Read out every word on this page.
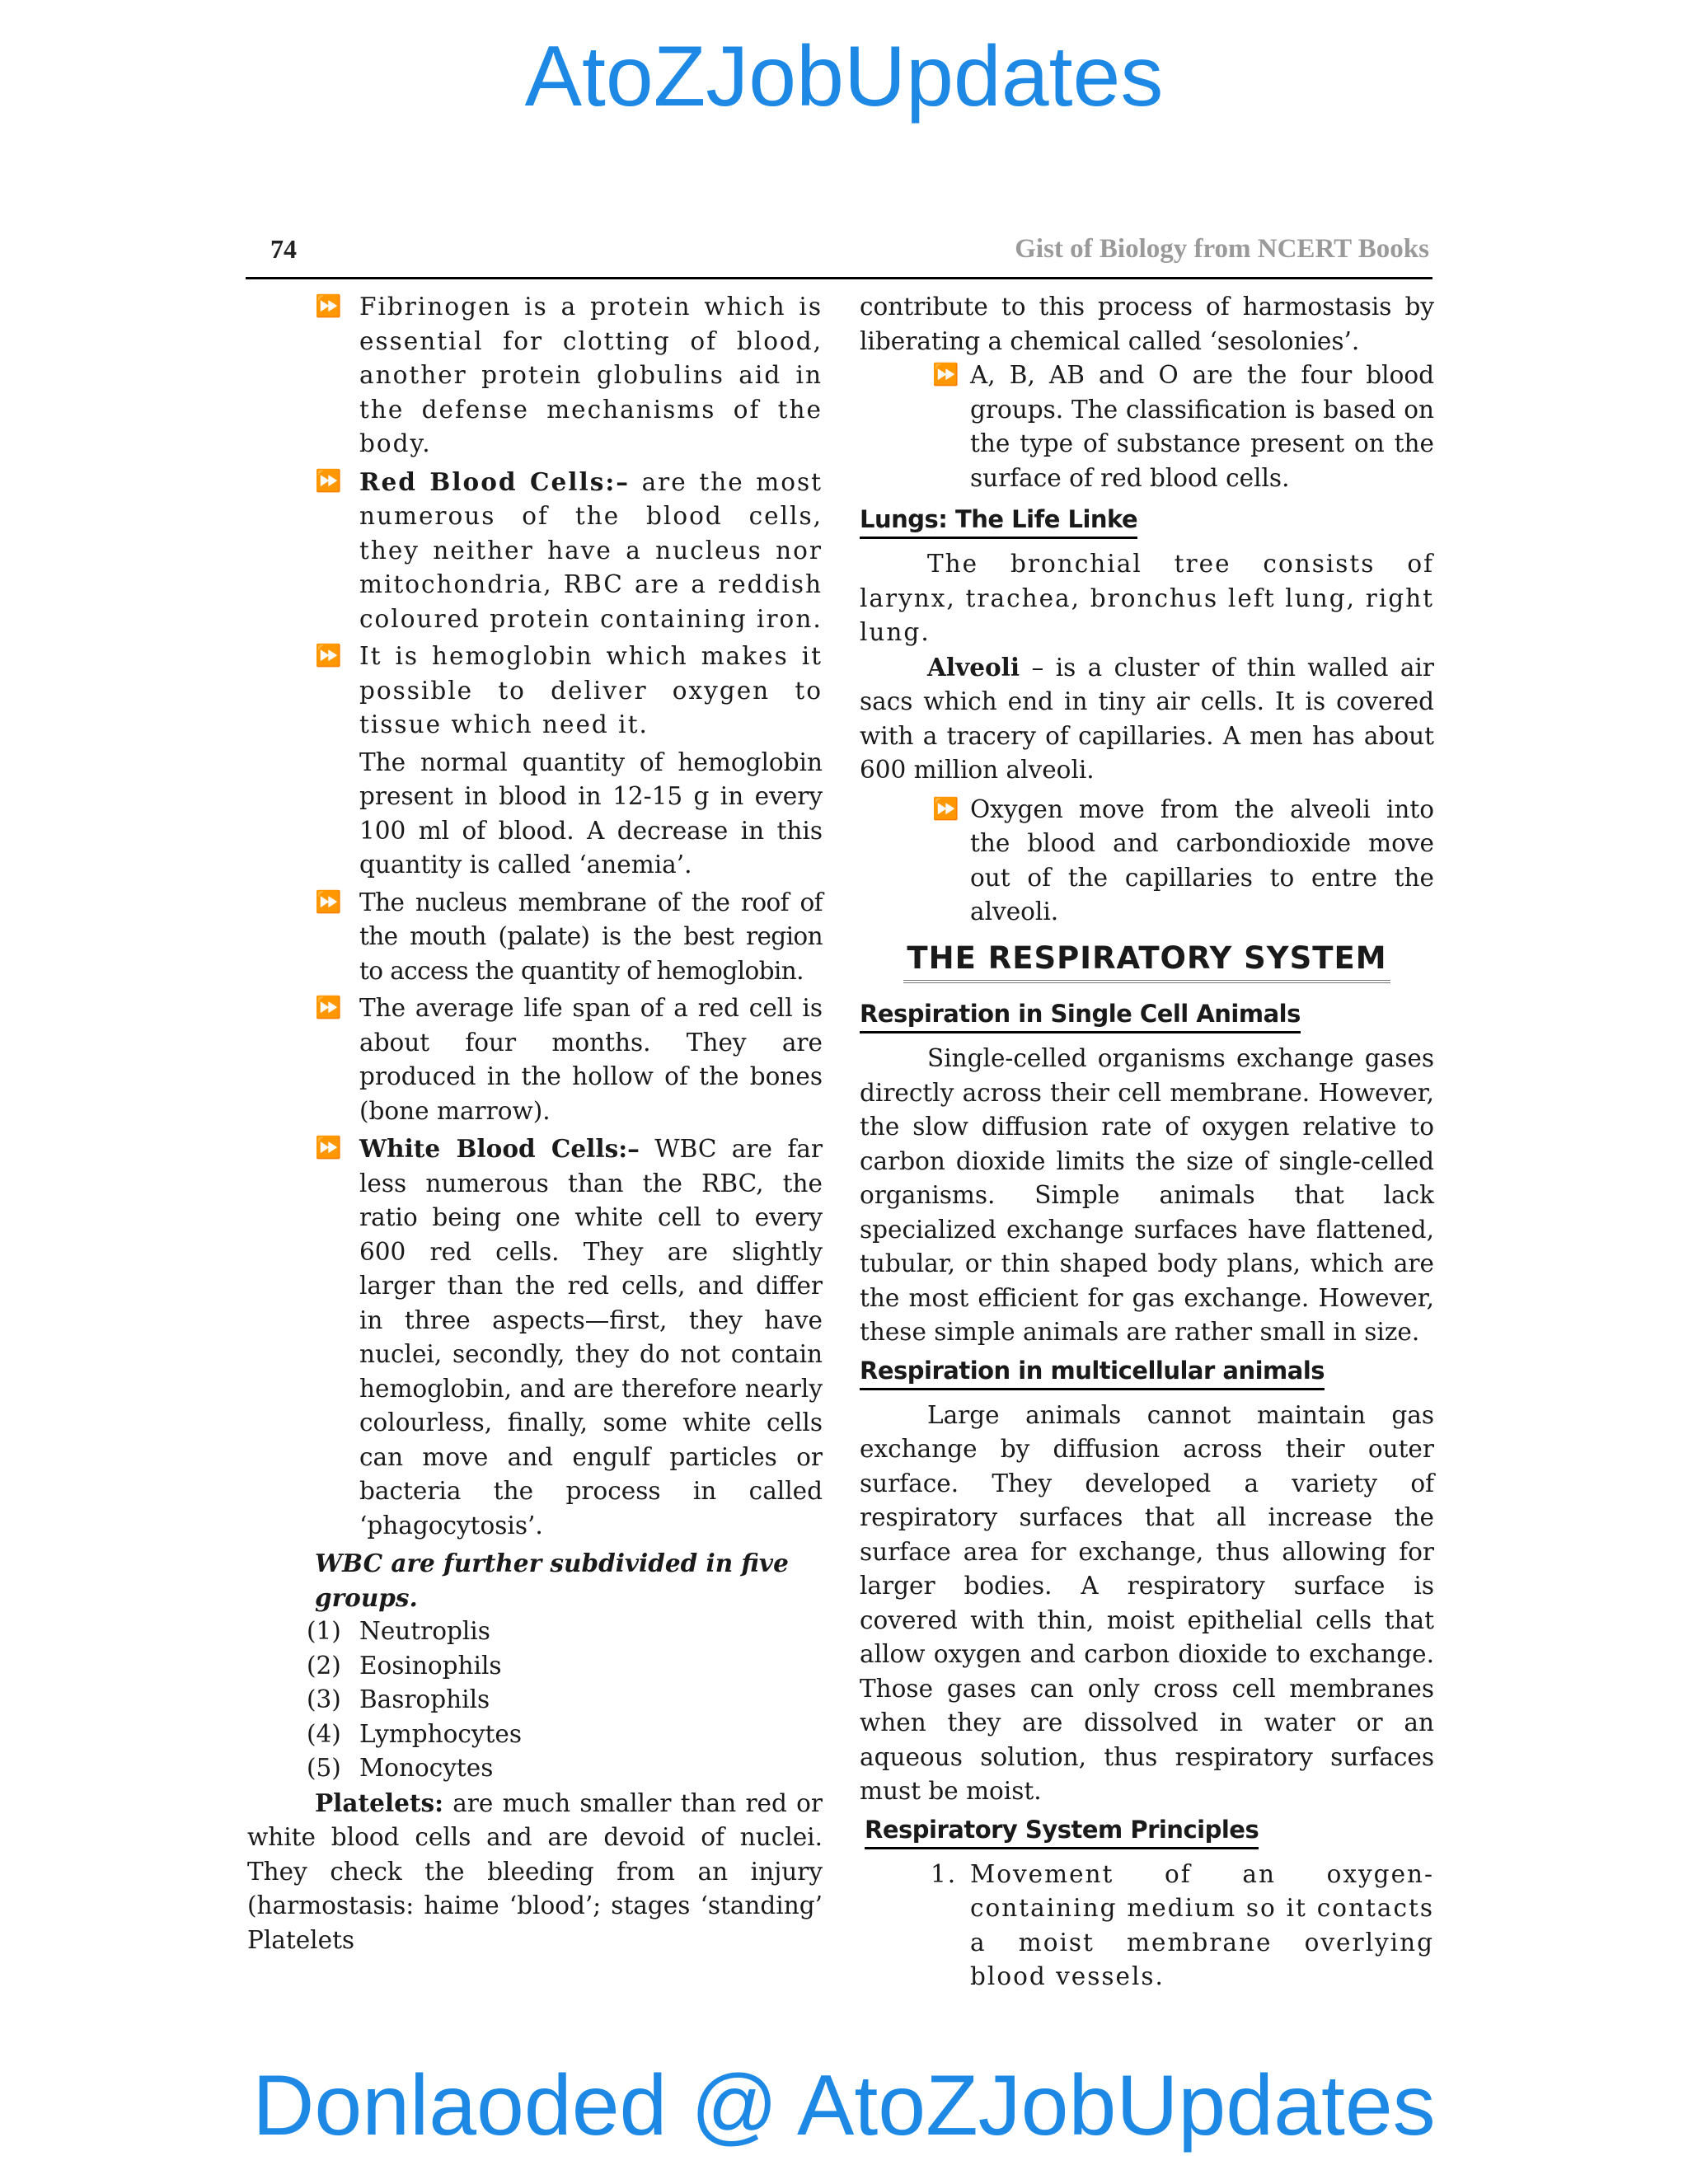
AtoZJobUpdates
74	Gist of Biology from NCERT Books

⏩ Fibrinogen is a protein which is essential for clotting of blood, another protein globulins aid in the defense mechanisms of the body.

⏩ Red Blood Cells:– are the most numerous of the blood cells, they neither have a nucleus nor mitochondria, RBC are a reddish coloured protein containing iron.

⏩ It is hemoglobin which makes it possible to deliver oxygen to tissue which need it.

The normal quantity of hemoglobin present in blood in 12-15 g in every 100 ml of blood. A decrease in this quantity is called ‘anemia’.

⏩ The nucleus membrane of the roof of the mouth (palate) is the best region to access the quantity of hemoglobin.

⏩ The average life span of a red cell is about four months. They are produced in the hollow of the bones (bone marrow).

⏩ White Blood Cells:– WBC are far less numerous than the RBC, the ratio being one white cell to every 600 red cells. They are slightly larger than the red cells, and differ in three aspects—first, they have nuclei, secondly, they do not contain hemoglobin, and are therefore nearly colourless, finally, some white cells can move and engulf particles or bacteria the process in called ‘phagocytosis’.

WBC are further subdivided in five groups.

(1) Neutroplis

(2) Eosinophils

(3) Basrophils

(4) Lymphocytes

(5) Monocytes

Platelets: are much smaller than red or white blood cells and are devoid of nuclei. They check the bleeding from an injury (harmostasis: haime ‘blood’; stages ‘standing’ Platelets

contribute to this process of harmostasis by liberating a chemical called ‘sesolonies’.

⏩ A, B, AB and O are the four blood groups. The classification is based on the type of substance present on the surface of red blood cells.

Lungs: The Life Linke

The bronchial tree consists of larynx, trachea, bronchus left lung, right lung.

Alveoli – is a cluster of thin walled air sacs which end in tiny air cells. It is covered with a tracery of capillaries. A men has about 600 million alveoli.

⏩ Oxygen move from the alveoli into the blood and carbondioxide move out of the capillaries to entre the alveoli.

THE RESPIRATORY SYSTEM
Respiration in Single Cell Animals

Single-celled organisms exchange gases directly across their cell membrane. However, the slow diffusion rate of oxygen relative to carbon dioxide limits the size of single-celled organisms. Simple animals that lack specialized exchange surfaces have flattened, tubular, or thin shaped body plans, which are the most efficient for gas exchange. However, these simple animals are rather small in size.

Respiration in multicellular animals

Large animals cannot maintain gas exchange by diffusion across their outer surface. They developed a variety of respiratory surfaces that all increase the surface area for exchange, thus allowing for larger bodies. A respiratory surface is covered with thin, moist epithelial cells that allow oxygen and carbon dioxide to exchange. Those gases can only cross cell membranes when they are dissolved in water or an aqueous solution, thus respiratory surfaces must be moist.

Respiratory System Principles

1. Movement of an oxygen-containing medium so it contacts a moist membrane overlying blood vessels.

Donlaoded @ AtoZJobUpdates
